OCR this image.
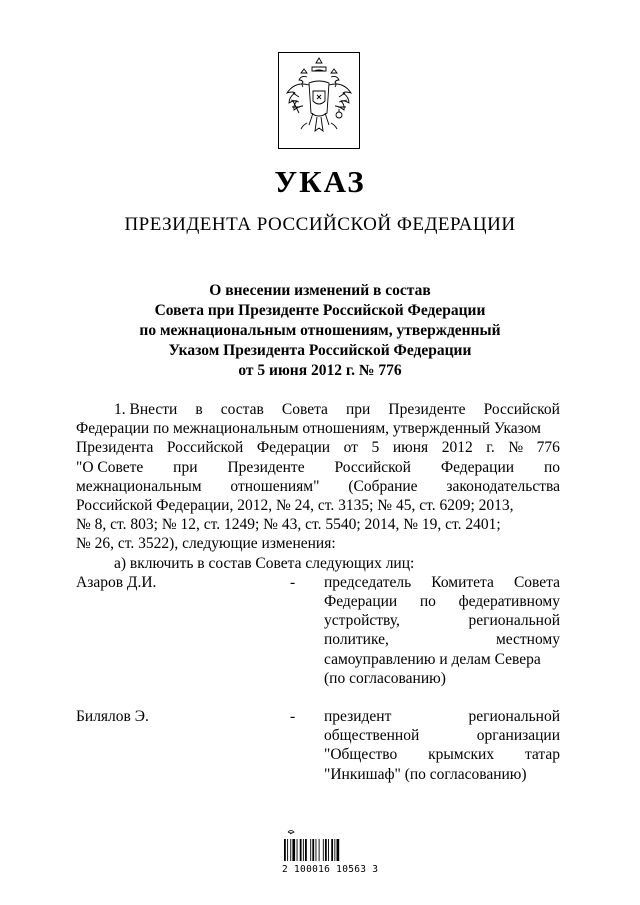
УКАЗ
ПРЕЗИДЕНТА РОССИЙСКОЙ ФЕДЕРАЦИИ
О внесении изменений в состав
Совета при Президенте Российской Федерации
по межнациональным отношениям, утвержденный
Указом Президента Российской Федерации
от 5 июня 2012 г. № 776
1. Внести в состав Совета при Президенте Российской
Федерации по межнациональным отношениям, утвержденный Указом
Президента Российской Федерации от 5 июня 2012 г. № 776
"О Совете при Президенте Российской Федерации по
межнациональным отношениям" (Собрание законодательства
Российской Федерации, 2012, № 24, ст. 3135; № 45, ст. 6209; 2013,
№ 8, ст. 803; № 12, ст. 1249; № 43, ст. 5540; 2014, № 19, ст. 2401;
№ 26, ст. 3522), следующие изменения:
а) включить в состав Совета следующих лиц:
Азаров Д.И.	-	председатель Комитета Совета
Федерации по федеративному
устройству,	региональной
политике,	местному
самоуправлению и делам Севера
(по согласованию)
Билялов Э.	-	президент	региональной
общественной	организации
"Общество крымских татар
"Инкишаф" (по согласованию)
2 100016 10563 3
